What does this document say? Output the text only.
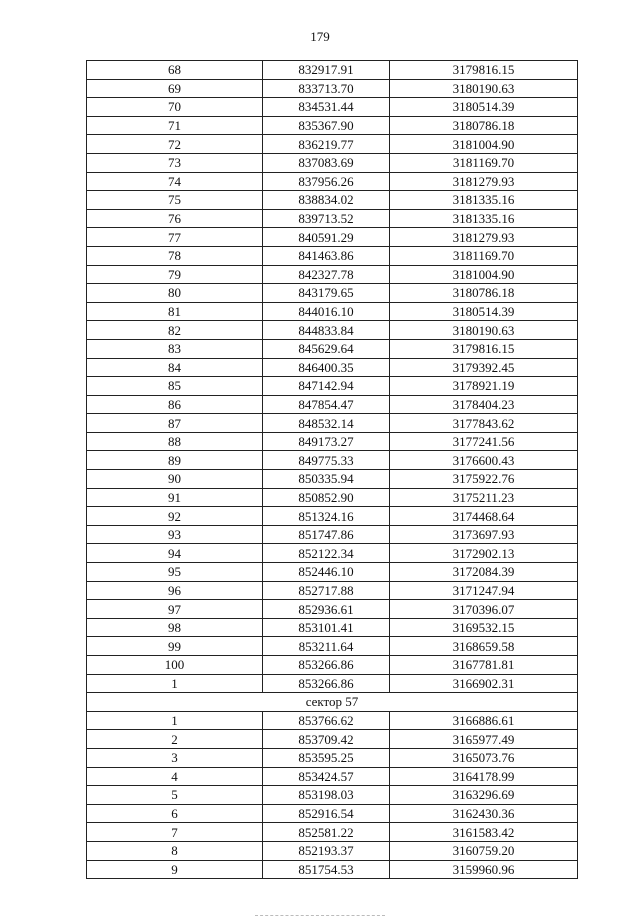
179
68	832917.91	3179816.15
69	833713.70	3180190.63
70	834531.44	3180514.39
71	835367.90	3180786.18
72	836219.77	3181004.90
73	837083.69	3181169.70
74	837956.26	3181279.93
75	838834.02	3181335.16
76	839713.52	3181335.16
77	840591.29	3181279.93
78	841463.86	3181169.70
79	842327.78	3181004.90
80	843179.65	3180786.18
81	844016.10	3180514.39
82	844833.84	3180190.63
83	845629.64	3179816.15
84	846400.35	3179392.45
85	847142.94	3178921.19
86	847854.47	3178404.23
87	848532.14	3177843.62
88	849173.27	3177241.56
89	849775.33	3176600.43
90	850335.94	3175922.76
91	850852.90	3175211.23
92	851324.16	3174468.64
93	851747.86	3173697.93
94	852122.34	3172902.13
95	852446.10	3172084.39
96	852717.88	3171247.94
97	852936.61	3170396.07
98	853101.41	3169532.15
99	853211.64	3168659.58
100	853266.86	3167781.81
1	853266.86	3166902.31
сектор 57		
1	853766.62	3166886.61
2	853709.42	3165977.49
3	853595.25	3165073.76
4	853424.57	3164178.99
5	853198.03	3163296.69
6	852916.54	3162430.36
7	852581.22	3161583.42
8	852193.37	3160759.20
9	851754.53	3159960.96
